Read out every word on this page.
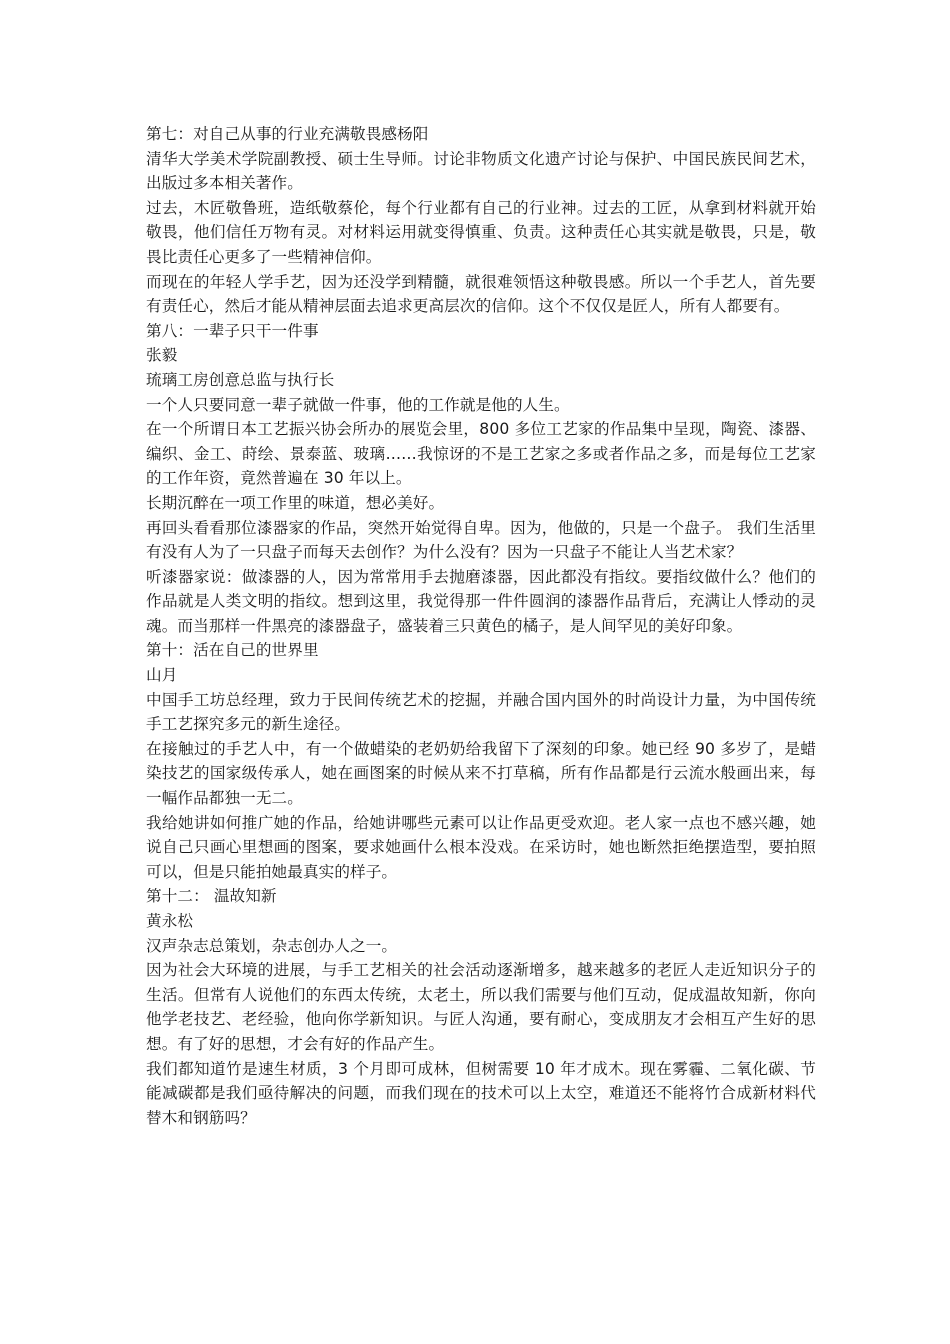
第七：对自己从事的行业充满敬畏感杨阳

清华大学美术学院副教授、硕士生导师。讨论非物质文化遗产讨论与保护、中国民族民间艺术，出版过多本相关著作。

过去，木匠敬鲁班，造纸敬蔡伦，每个行业都有自己的行业神。过去的工匠，从拿到材料就开始敬畏，他们信任万物有灵。对材料运用就变得慎重、负责。这种责任心其实就是敬畏，只是，敬畏比责任心更多了一些精神信仰。

而现在的年轻人学手艺，因为还没学到精髓，就很难领悟这种敬畏感。所以一个手艺人，首先要有责任心，然后才能从精神层面去追求更高层次的信仰。这个不仅仅是匠人，所有人都要有。

第八：一辈子只干一件事

张毅

琉璃工房创意总监与执行长

一个人只要同意一辈子就做一件事，他的工作就是他的人生。

在一个所谓日本工艺振兴协会所办的展览会里，800 多位工艺家的作品集中呈现，陶瓷、漆器、编织、金工、莳绘、景泰蓝、玻璃……我惊讶的不是工艺家之多或者作品之多，而是每位工艺家的工作年资，竟然普遍在 30 年以上。

长期沉醉在一项工作里的味道，想必美好。

再回头看看那位漆器家的作品，突然开始觉得自卑。因为，他做的，只是一个盘子。 我们生活里有没有人为了一只盘子而每天去创作？为什么没有？因为一只盘子不能让人当艺术家？

听漆器家说：做漆器的人，因为常常用手去抛磨漆器，因此都没有指纹。要指纹做什么？他们的作品就是人类文明的指纹。想到这里，我觉得那一件件圆润的漆器作品背后，充满让人悸动的灵魂。而当那样一件黑亮的漆器盘子，盛装着三只黄色的橘子，是人间罕见的美好印象。

第十：活在自己的世界里

山月

中国手工坊总经理，致力于民间传统艺术的挖掘，并融合国内国外的时尚设计力量，为中国传统手工艺探究多元的新生途径。

在接触过的手艺人中，有一个做蜡染的老奶奶给我留下了深刻的印象。她已经 90 多岁了，是蜡染技艺的国家级传承人，她在画图案的时候从来不打草稿，所有作品都是行云流水般画出来，每一幅作品都独一无二。

我给她讲如何推广她的作品，给她讲哪些元素可以让作品更受欢迎。老人家一点也不感兴趣，她说自己只画心里想画的图案，要求她画什么根本没戏。在采访时，她也断然拒绝摆造型，要拍照可以，但是只能拍她最真实的样子。

第十二： 温故知新

黄永松

汉声杂志总策划，杂志创办人之一。

因为社会大环境的进展，与手工艺相关的社会活动逐渐增多，越来越多的老匠人走近知识分子的生活。但常有人说他们的东西太传统，太老土，所以我们需要与他们互动，促成温故知新，你向他学老技艺、老经验，他向你学新知识。与匠人沟通，要有耐心，变成朋友才会相互产生好的思想。有了好的思想，才会有好的作品产生。

我们都知道竹是速生材质，3 个月即可成林，但树需要 10 年才成木。现在雾霾、二氧化碳、节能减碳都是我们亟待解决的问题，而我们现在的技术可以上太空，难道还不能将竹合成新材料代替木和钢筋吗？
